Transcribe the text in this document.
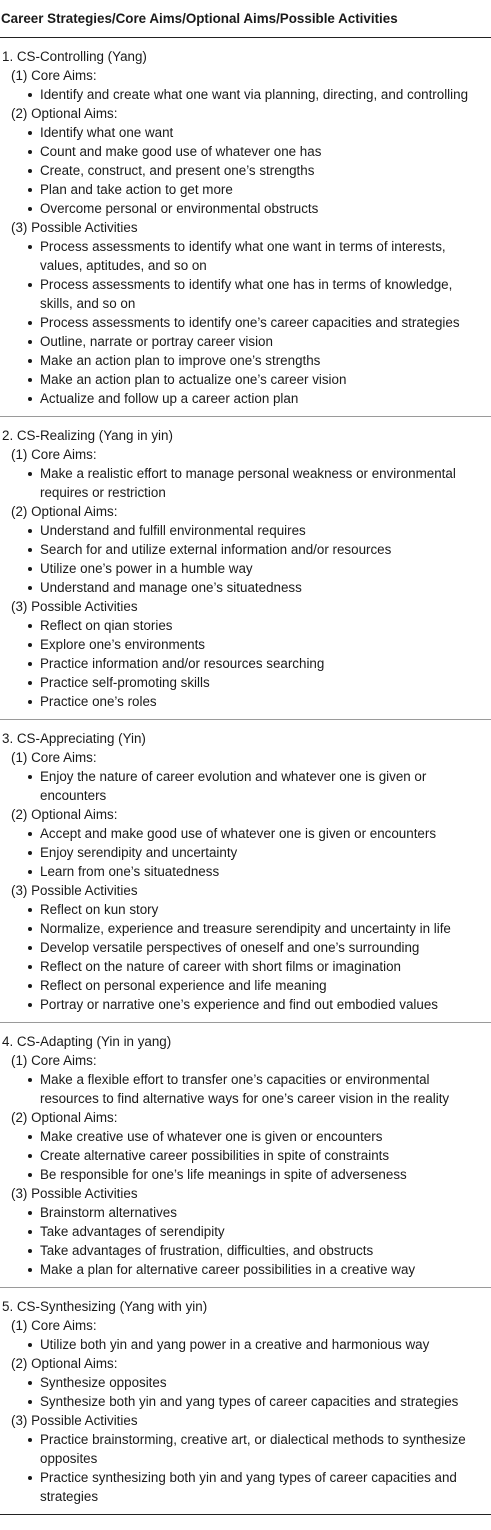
Career Strategies/Core Aims/Optional Aims/Possible Activities
1. CS-Controlling (Yang)
(1) Core Aims:
Identify and create what one want via planning, directing, and controlling
(2) Optional Aims:
Identify what one want
Count and make good use of whatever one has
Create, construct, and present one’s strengths
Plan and take action to get more
Overcome personal or environmental obstructs
(3) Possible Activities
Process assessments to identify what one want in terms of interests, values, aptitudes, and so on
Process assessments to identify what one has in terms of knowledge, skills, and so on
Process assessments to identify one’s career capacities and strategies
Outline, narrate or portray career vision
Make an action plan to improve one’s strengths
Make an action plan to actualize one’s career vision
Actualize and follow up a career action plan
2. CS-Realizing (Yang in yin)
(1) Core Aims:
Make a realistic effort to manage personal weakness or environmental requires or restriction
(2) Optional Aims:
Understand and fulfill environmental requires
Search for and utilize external information and/or resources
Utilize one’s power in a humble way
Understand and manage one’s situatedness
(3) Possible Activities
Reflect on qian stories
Explore one’s environments
Practice information and/or resources searching
Practice self-promoting skills
Practice one’s roles
3. CS-Appreciating (Yin)
(1) Core Aims:
Enjoy the nature of career evolution and whatever one is given or encounters
(2) Optional Aims:
Accept and make good use of whatever one is given or encounters
Enjoy serendipity and uncertainty
Learn from one’s situatedness
(3) Possible Activities
Reflect on kun story
Normalize, experience and treasure serendipity and uncertainty in life
Develop versatile perspectives of oneself and one’s surrounding
Reflect on the nature of career with short films or imagination
Reflect on personal experience and life meaning
Portray or narrative one’s experience and find out embodied values
4. CS-Adapting (Yin in yang)
(1) Core Aims:
Make a flexible effort to transfer one’s capacities or environmental resources to find alternative ways for one’s career vision in the reality
(2) Optional Aims:
Make creative use of whatever one is given or encounters
Create alternative career possibilities in spite of constraints
Be responsible for one’s life meanings in spite of adverseness
(3) Possible Activities
Brainstorm alternatives
Take advantages of serendipity
Take advantages of frustration, difficulties, and obstructs
Make a plan for alternative career possibilities in a creative way
5. CS-Synthesizing (Yang with yin)
(1) Core Aims:
Utilize both yin and yang power in a creative and harmonious way
(2) Optional Aims:
Synthesize opposites
Synthesize both yin and yang types of career capacities and strategies
(3) Possible Activities
Practice brainstorming, creative art, or dialectical methods to synthesize opposites
Practice synthesizing both yin and yang types of career capacities and strategies
